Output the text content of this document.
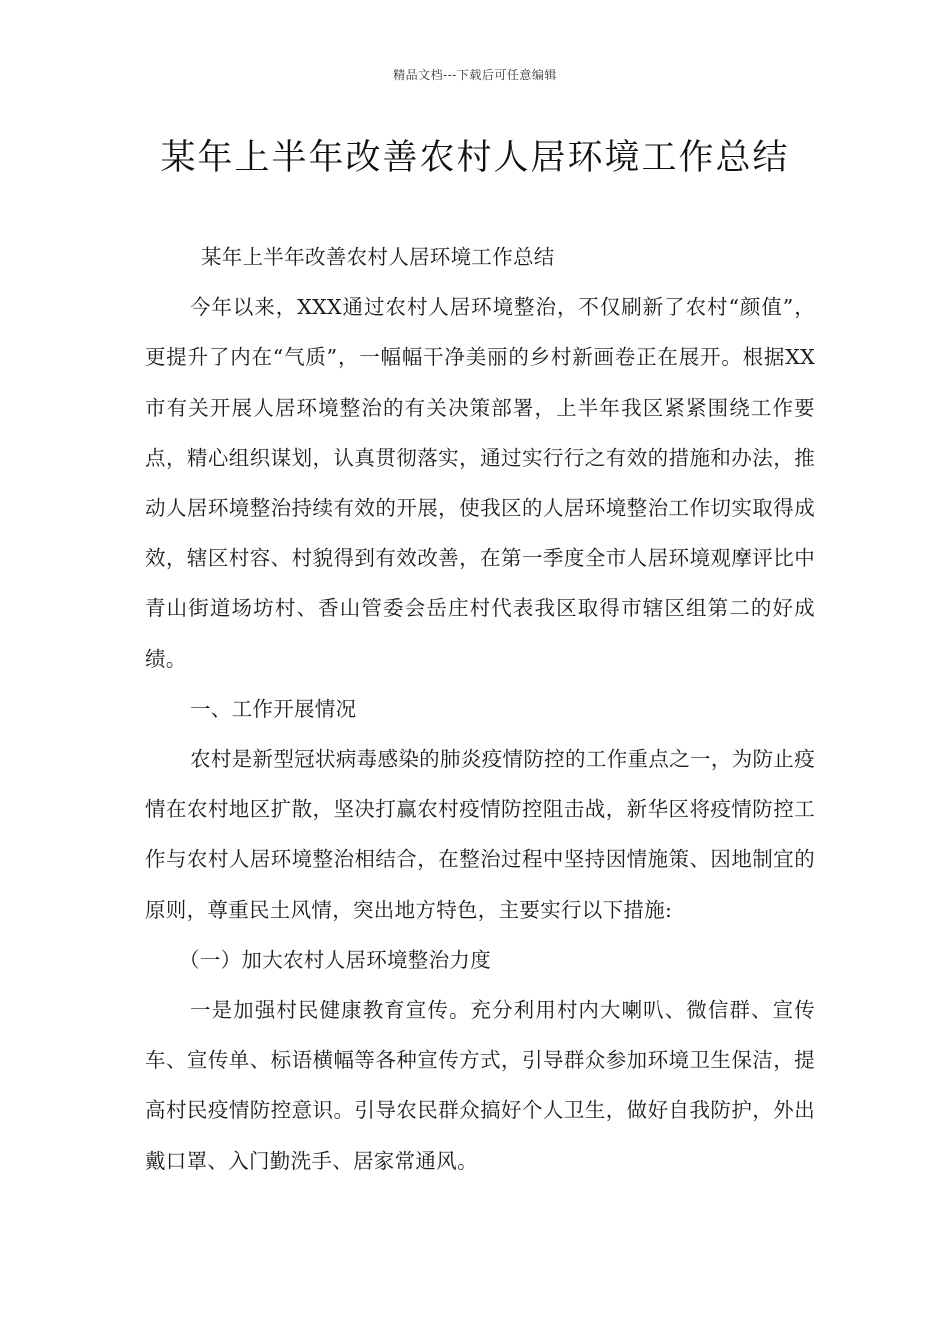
精品文档---下载后可任意编辑
某年上半年改善农村人居环境工作总结

某年上半年改善农村人居环境工作总结

今年以来，XXX通过农村人居环境整治，不仅刷新了农村“颜值”，更提升了内在“气质”，一幅幅干净美丽的乡村新画卷正在展开。根据XX市有关开展人居环境整治的有关决策部署，上半年我区紧紧围绕工作要点，精心组织谋划，认真贯彻落实，通过实行行之有效的措施和办法，推动人居环境整治持续有效的开展，使我区的人居环境整治工作切实取得成效，辖区村容、村貌得到有效改善，在第一季度全市人居环境观摩评比中青山街道场坊村、香山管委会岳庄村代表我区取得市辖区组第二的好成绩。

一、工作开展情况

农村是新型冠状病毒感染的肺炎疫情防控的工作重点之一，为防止疫情在农村地区扩散，坚决打赢农村疫情防控阻击战，新华区将疫情防控工作与农村人居环境整治相结合，在整治过程中坚持因情施策、因地制宜的原则，尊重民土风情，突出地方特色，主要实行以下措施:

（一）加大农村人居环境整治力度

一是加强村民健康教育宣传。充分利用村内大喇叭、微信群、宣传车、宣传单、标语横幅等各种宣传方式，引导群众参加环境卫生保洁，提高村民疫情防控意识。引导农民群众搞好个人卫生，做好自我防护，外出戴口罩、入门勤洗手、居家常通风。
